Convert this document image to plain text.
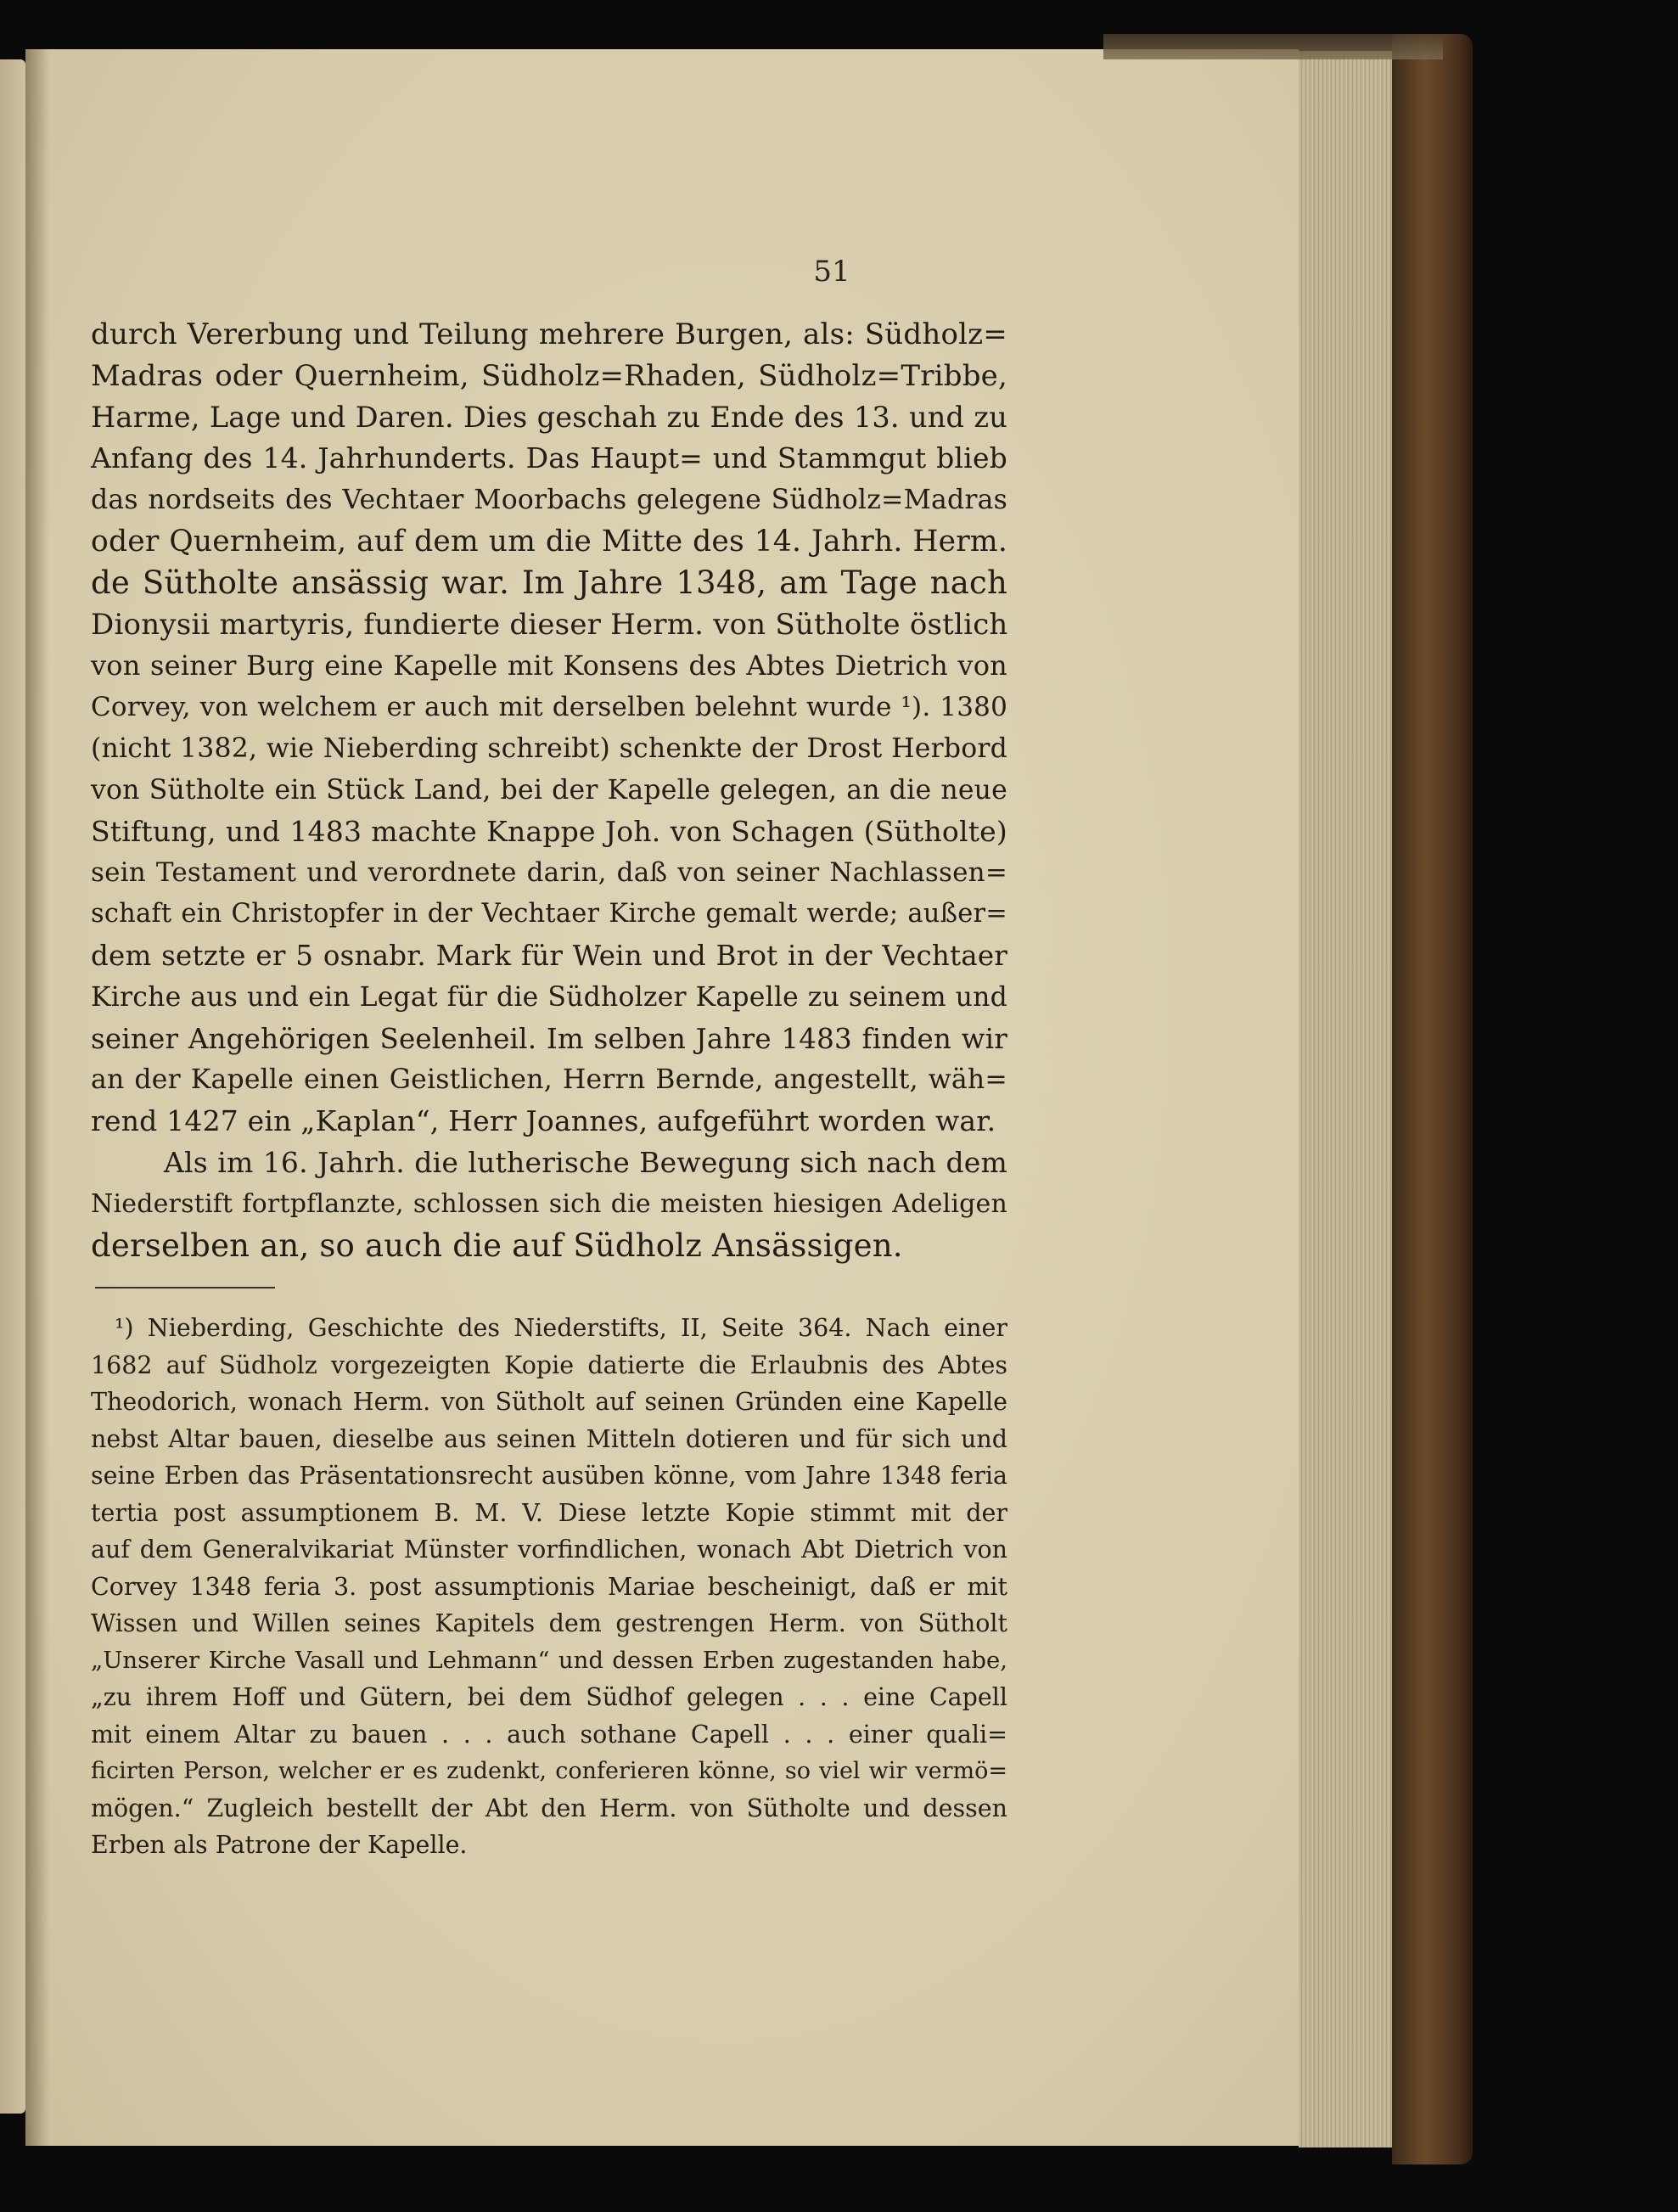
51
durch Vererbung und Teilung mehrere Burgen, als: Südholz=
Madras oder Quernheim, Südholz=Rhaden, Südholz=Tribbe,
Harme, Lage und Daren. Dies geschah zu Ende des 13. und zu
Anfang des 14. Jahrhunderts. Das Haupt= und Stammgut blieb
das nordseits des Vechtaer Moorbachs gelegene Südholz=Madras
oder Quernheim, auf dem um die Mitte des 14. Jahrh. Herm.
de Sütholte ansässig war. Im Jahre 1348, am Tage nach
Dionysii martyris, fundierte dieser Herm. von Sütholte östlich
von seiner Burg eine Kapelle mit Konsens des Abtes Dietrich von
Corvey, von welchem er auch mit derselben belehnt wurde ¹). 1380
(nicht 1382, wie Nieberding schreibt) schenkte der Drost Herbord
von Sütholte ein Stück Land, bei der Kapelle gelegen, an die neue
Stiftung, und 1483 machte Knappe Joh. von Schagen (Sütholte)
sein Testament und verordnete darin, daß von seiner Nachlassen=
schaft ein Christopfer in der Vechtaer Kirche gemalt werde; außer=
dem setzte er 5 osnabr. Mark für Wein und Brot in der Vechtaer
Kirche aus und ein Legat für die Südholzer Kapelle zu seinem und
seiner Angehörigen Seelenheil. Im selben Jahre 1483 finden wir
an der Kapelle einen Geistlichen, Herrn Bernde, angestellt, wäh=
rend 1427 ein „Kaplan“, Herr Joannes, aufgeführt worden war.
Als im 16. Jahrh. die lutherische Bewegung sich nach dem
Niederstift fortpflanzte, schlossen sich die meisten hiesigen Adeligen
derselben an, so auch die auf Südholz Ansässigen.
¹) Nieberding, Geschichte des Niederstifts, II, Seite 364. Nach einer
1682 auf Südholz vorgezeigten Kopie datierte die Erlaubnis des Abtes
Theodorich, wonach Herm. von Sütholt auf seinen Gründen eine Kapelle
nebst Altar bauen, dieselbe aus seinen Mitteln dotieren und für sich und
seine Erben das Präsentationsrecht ausüben könne, vom Jahre 1348 feria
tertia post assumptionem B. M. V. Diese letzte Kopie stimmt mit der
auf dem Generalvikariat Münster vorfindlichen, wonach Abt Dietrich von
Corvey 1348 feria 3. post assumptionis Mariae bescheinigt, daß er mit
Wissen und Willen seines Kapitels dem gestrengen Herm. von Sütholt
„Unserer Kirche Vasall und Lehmann“ und dessen Erben zugestanden habe,
„zu ihrem Hoff und Gütern, bei dem Südhof gelegen . . . eine Capell
mit einem Altar zu bauen . . . auch sothane Capell . . . einer quali=
ficirten Person, welcher er es zudenkt, conferieren könne, so viel wir vermö=
mögen.“ Zugleich bestellt der Abt den Herm. von Sütholte und dessen
Erben als Patrone der Kapelle.
